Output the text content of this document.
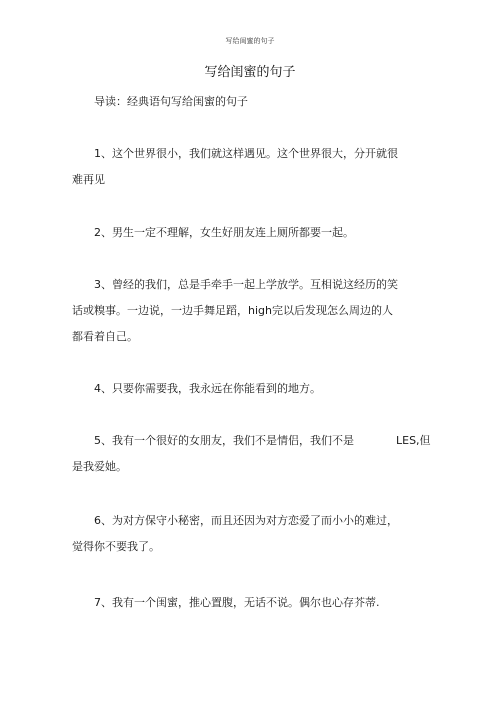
写给闺蜜的句子
写给闺蜜的句子
导读：经典语句写给闺蜜的句子
1、这个世界很小，我们就这样遇见。这个世界很大，分开就很
难再见
2、男生一定不理解，女生好朋友连上厕所都要一起。
3、曾经的我们，总是手牵手一起上学放学。互相说这经历的笑
话或糗事。一边说，一边手舞足蹈，high完以后发现怎么周边的人
都看着自己。
4、只要你需要我，我永远在你能看到的地方。
5、我有一个很好的女朋友，我们不是情侣，我们不是	LES,但
是我爱她。
6、为对方保守小秘密，而且还因为对方恋爱了而小小的难过，
觉得你不要我了。
7、我有一个闺蜜，推心置腹，无话不说。偶尔也心存芥蒂.
